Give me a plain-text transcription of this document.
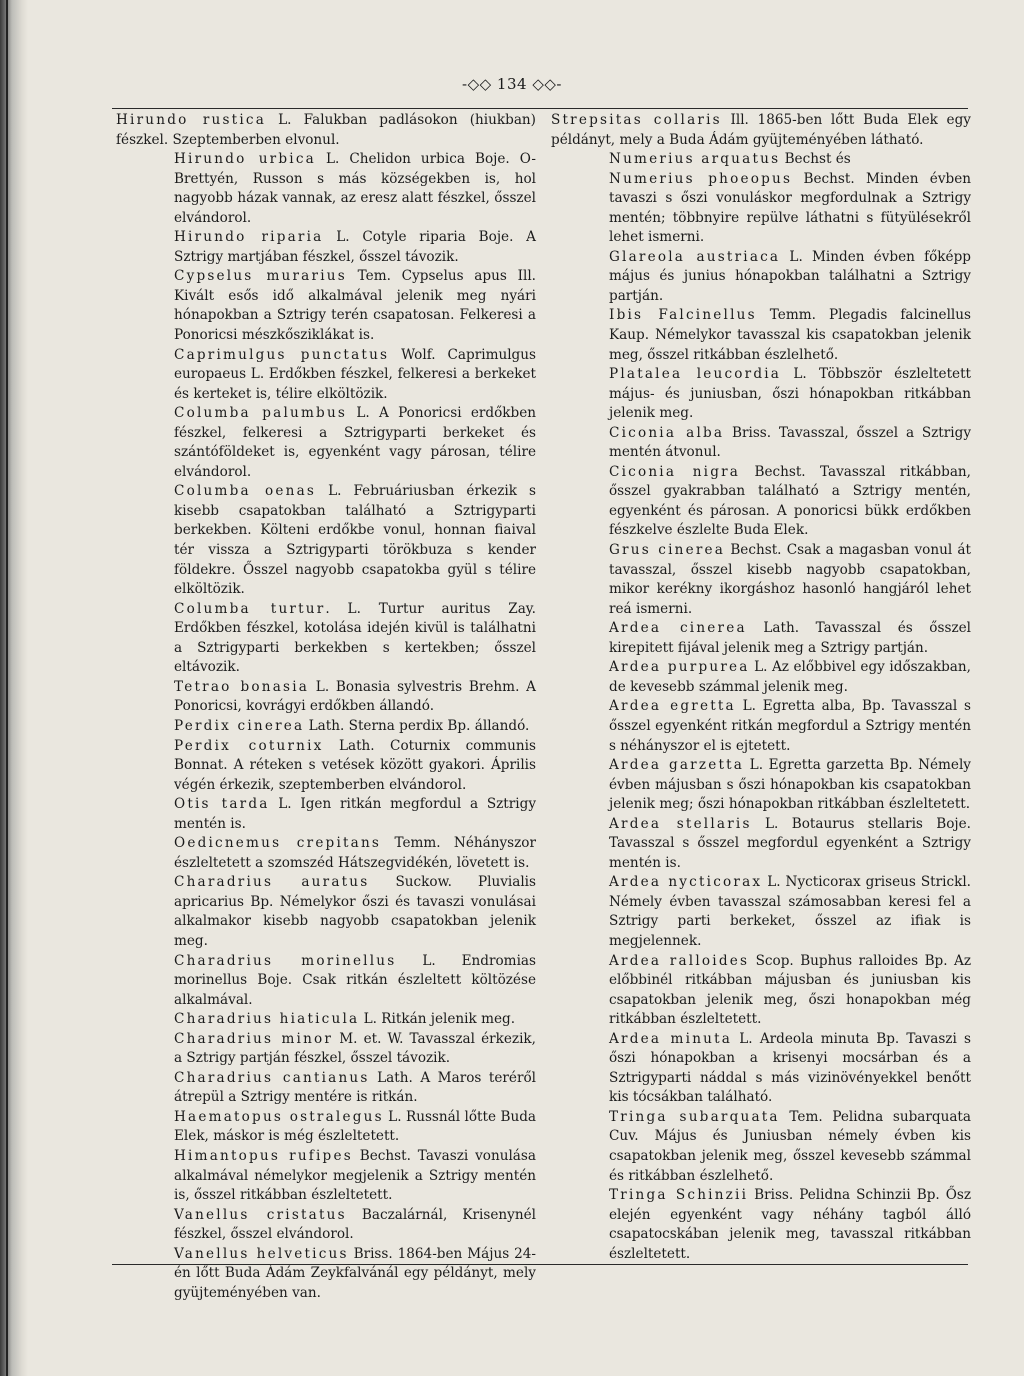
-◇◇ 134 ◇◇-

Hirundo rustica L. Falukban padlásokon (hiukban) fészkel. Szeptemberben elvonul.

Hirundo urbica L. Chelidon urbica Boje. O-Brettyén, Russon s más községekben is, hol nagyobb házak vannak, az eresz alatt fészkel, ősszel elvándorol.

Hirundo riparia L. Cotyle riparia Boje. A Sztrigy martjában fészkel, ősszel távozik.

Cypselus murarius Tem. Cypselus apus Ill. Kivált esős idő alkalmával jelenik meg nyári hónapokban a Sztrigy terén csapatosan. Felkeresi a Ponoricsi mészkősziklákat is.

Caprimulgus punctatus Wolf. Caprimulgus europaeus L. Erdőkben fészkel, felkeresi a berkeket és kerteket is, télire elköltözik.

Columba palumbus L. A Ponoricsi erdőkben fészkel, felkeresi a Sztrigyparti berkeket és szántóföldeket is, egyenként vagy párosan, télire elvándorol.

Columba oenas L. Februáriusban érkezik s kisebb csapatokban található a Sztrigyparti berkekben. Költeni erdőkbe vonul, honnan fiaival tér vissza a Sztrigyparti törökbuza s kender földekre. Ősszel nagyobb csapatokba gyül s télire elköltözik.

Columba turtur. L. Turtur auritus Zay. Erdőkben fészkel, kotolása idején kivül is találhatni a Sztrigyparti berkekben s kertekben; ősszel eltávozik.

Tetrao bonasia L. Bonasia sylvestris Brehm. A Ponoricsi, kovrágyi erdőkben állandó.

Perdix cinerea Lath. Sterna perdix Bp. állandó.

Perdix coturnix Lath. Coturnix communis Bonnat. A réteken s vetések között gyakori. Április végén érkezik, szeptemberben elvándorol.

Otis tarda L. Igen ritkán megfordul a Sztrigy mentén is.

Oedicnemus crepitans Temm. Néhányszor észleltetett a szomszéd Hátszegvidékén, lövetett is.

Charadrius auratus Suckow. Pluvialis apricarius Bp. Némelykor őszi és tavaszi vonulásai alkalmakor kisebb nagyobb csapatokban jelenik meg.

Charadrius morinellus L. Endromias morinellus Boje. Csak ritkán észleltett költözése alkalmával.

Charadrius hiaticula L. Ritkán jelenik meg.

Charadrius minor M. et. W. Tavasszal érkezik, a Sztrigy partján fészkel, ősszel távozik.

Charadrius cantianus Lath. A Maros teréről átrepül a Sztrigy mentére is ritkán.

Haematopus ostralegus L. Russnál lőtte Buda Elek, máskor is még észleltetett.

Himantopus rufipes Bechst. Tavaszi vonulása alkalmával némelykor megjelenik a Sztrigy mentén is, ősszel ritkábban észleltetett.

Vanellus cristatus Baczalárnál, Krisenynél fészkel, ősszel elvándorol.

Vanellus helveticus Briss. 1864-ben Május 24-én lőtt Buda Ádám Zeykfalvánál egy példányt, mely gyüjteményében van.

Strepsitas collaris Ill. 1865-ben lőtt Buda Elek egy példányt, mely a Buda Ádám gyüjteményében látható.

Numerius arquatus Bechst és

Numerius phoeopus Bechst. Minden évben tavaszi s őszi vonuláskor megfordulnak a Sztrigy mentén; többnyire repülve láthatni s fütyülésekről lehet ismerni.

Glareola austriaca L. Minden évben főképp május és junius hónapokban találhatni a Sztrigy partján.

Ibis Falcinellus Temm. Plegadis falcinellus Kaup. Némelykor tavasszal kis csapatokban jelenik meg, ősszel ritkábban észlelhető.

Platalea leucordia L. Többször észleltetett május- és juniusban, őszi hónapokban ritkábban jelenik meg.

Ciconia alba Briss. Tavasszal, ősszel a Sztrigy mentén átvonul.

Ciconia nigra Bechst. Tavasszal ritkábban, ősszel gyakrabban található a Sztrigy mentén, egyenként és párosan. A ponoricsi bükk erdőkben fészkelve észlelte Buda Elek.

Grus cinerea Bechst. Csak a magasban vonul át tavasszal, ősszel kisebb nagyobb csapatokban, mikor kerékny ikorgáshoz hasonló hangjáról lehet reá ismerni.

Ardea cinerea Lath. Tavasszal és ősszel kirepitett fijával jelenik meg a Sztrigy partján.

Ardea purpurea L. Az előbbivel egy időszakban, de kevesebb számmal jelenik meg.

Ardea egretta L. Egretta alba, Bp. Tavasszal s ősszel egyenként ritkán megfordul a Sztrigy mentén s néhányszor el is ejtetett.

Ardea garzetta L. Egretta garzetta Bp. Némely évben májusban s őszi hónapokban kis csapatokban jelenik meg; őszi hónapokban ritkábban észleltetett.

Ardea stellaris L. Botaurus stellaris Boje. Tavasszal s ősszel megfordul egyenként a Sztrigy mentén is.

Ardea nycticorax L. Nycticorax griseus Strickl. Némely évben tavasszal számosabban keresi fel a Sztrigy parti berkeket, ősszel az ifiak is megjelennek.

Ardea ralloides Scop. Buphus ralloides Bp. Az előbbinél ritkábban májusban és juniusban kis csapatokban jelenik meg, őszi honapokban még ritkábban észleltetett.

Ardea minuta L. Ardeola minuta Bp. Tavaszi s őszi hónapokban a krisenyi mocsárban és a Sztrigyparti náddal s más vizinövényekkel benőtt kis tócsákban található.

Tringa subarquata Tem. Pelidna subarquata Cuv. Május és Juniusban némely évben kis csapatokban jelenik meg, ősszel kevesebb számmal és ritkábban észlelhető.

Tringa Schinzii Briss. Pelidna Schinzii Bp. Ősz elején egyenként vagy néhány tagból álló csapatocskában jelenik meg, tavasszal ritkábban észleltetett.
